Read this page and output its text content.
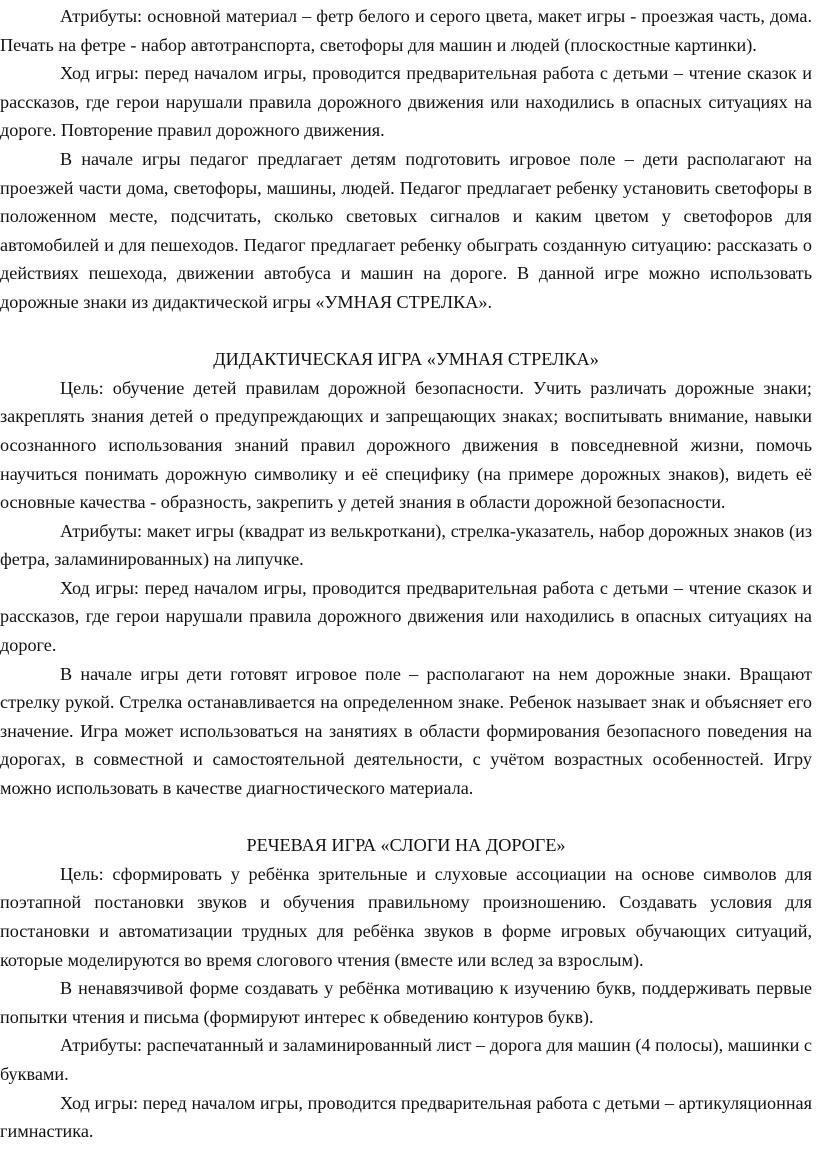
Атрибуты: основной материал – фетр белого и серого цвета, макет игры - проезжая часть, дома. Печать на фетре - набор автотранспорта, светофоры для машин и людей (плоскостные картинки).

Ход игры: перед началом игры, проводится предварительная работа с детьми – чтение сказок и рассказов, где герои нарушали правила дорожного движения или находились в опасных ситуациях на дороге. Повторение правил дорожного движения.

В начале игры педагог предлагает детям подготовить игровое поле – дети располагают на проезжей части дома, светофоры, машины, людей. Педагог предлагает ребенку установить светофоры в положенном месте, подсчитать, сколько световых сигналов и каким цветом у светофоров для автомобилей и для пешеходов. Педагог предлагает ребенку обыграть созданную ситуацию: рассказать о действиях пешехода, движении автобуса и машин на дороге. В данной игре можно использовать дорожные знаки из дидактической игры «УМНАЯ СТРЕЛКА».

ДИДАКТИЧЕСКАЯ ИГРА «УМНАЯ СТРЕЛКА»

Цель: обучение детей правилам дорожной безопасности. Учить различать дорожные знаки; закреплять знания детей о предупреждающих и запрещающих знаках; воспитывать внимание, навыки осознанного использования знаний правил дорожного движения в повседневной жизни, помочь научиться понимать дорожную символику и её специфику (на примере дорожных знаков), видеть её основные качества - образность, закрепить у детей знания в области дорожной безопасности.

Атрибуты: макет игры (квадрат из велькроткани), стрелка-указатель, набор дорожных знаков (из фетра, заламинированных) на липучке.

Ход игры: перед началом игры, проводится предварительная работа с детьми – чтение сказок и рассказов, где герои нарушали правила дорожного движения или находились в опасных ситуациях на дороге.

В начале игры дети готовят игровое поле – располагают на нем дорожные знаки. Вращают стрелку рукой. Стрелка останавливается на определенном знаке. Ребенок называет знак и объясняет его значение. Игра может использоваться на занятиях в области формирования безопасного поведения на дорогах, в совместной и самостоятельной деятельности, с учётом возрастных особенностей. Игру можно использовать в качестве диагностического материала.

РЕЧЕВАЯ ИГРА «СЛОГИ НА ДОРОГЕ»

Цель: сформировать у ребёнка зрительные и слуховые ассоциации на основе символов для поэтапной постановки звуков и обучения правильному произношению. Создавать условия для постановки и автоматизации трудных для ребёнка звуков в форме игровых обучающих ситуаций, которые моделируются во время слогового чтения (вместе или вслед за взрослым).

В ненавязчивой форме создавать у ребёнка мотивацию к изучению букв, поддерживать первые попытки чтения и письма (формируют интерес к обведению контуров букв).

Атрибуты: распечатанный и заламинированный лист – дорога для машин (4 полосы), машинки с буквами.

Ход игры: перед началом игры, проводится предварительная работа с детьми – артикуляционная гимнастика.
